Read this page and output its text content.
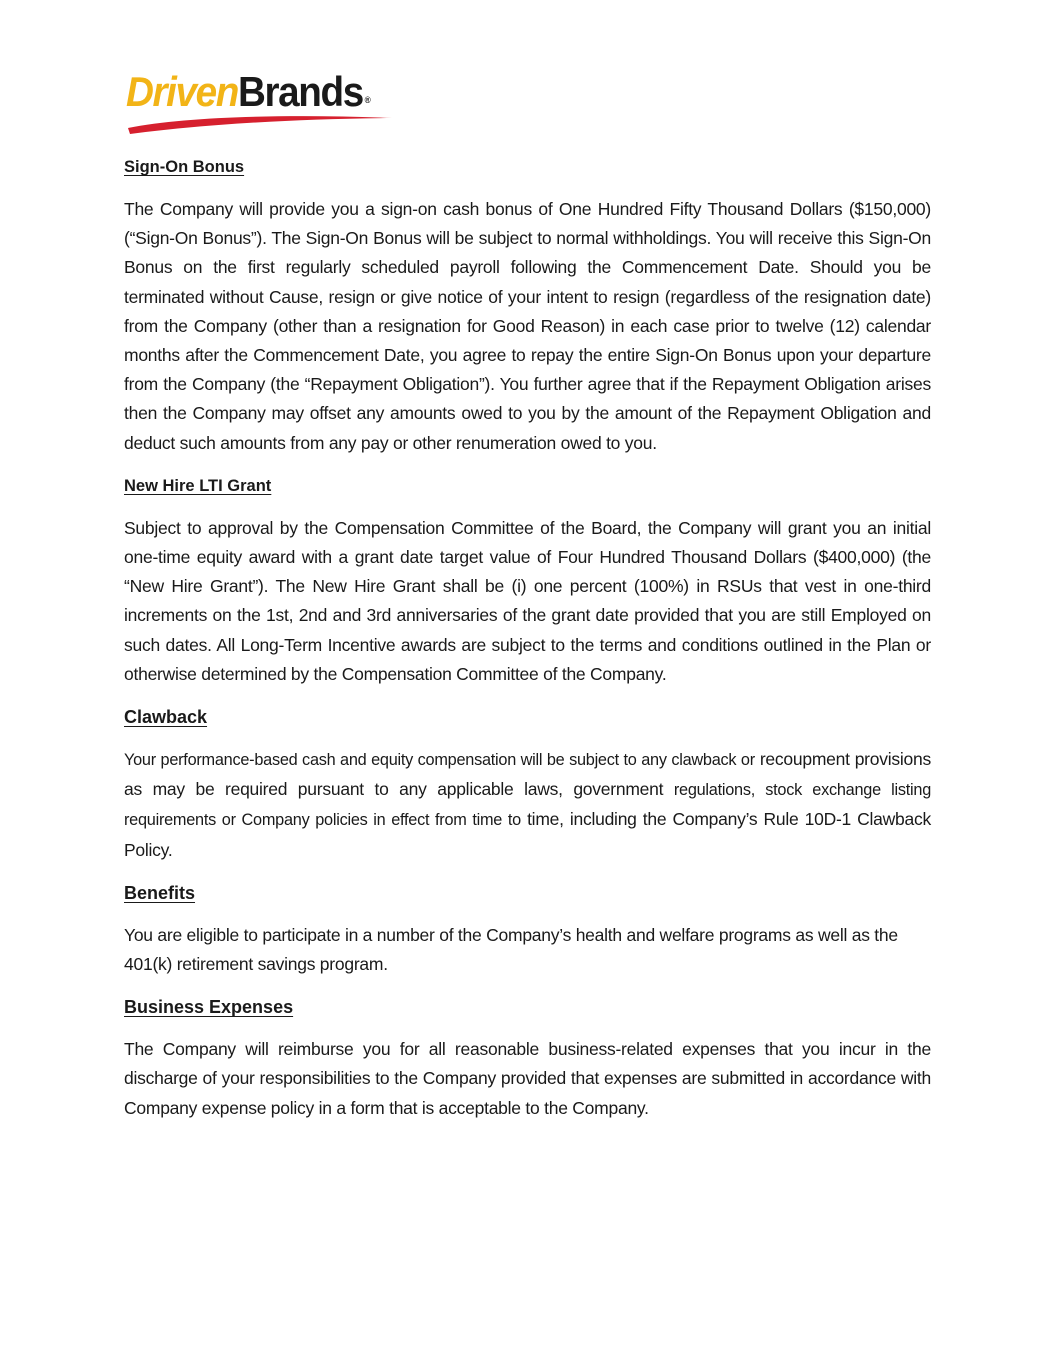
DrivenBrands ®
Sign-On Bonus

The Company will provide you a sign-on cash bonus of One Hundred Fifty Thousand Dollars ($150,000) (“Sign-On Bonus”). The Sign-On Bonus will be subject to normal withholdings. You will receive this Sign-On Bonus on the first regularly scheduled payroll following the Commencement Date. Should you be terminated without Cause, resign or give notice of your intent to resign (regardless of the resignation date) from the Company (other than a resignation for Good Reason) in each case prior to twelve (12) calendar months after the Commencement Date, you agree to repay the entire Sign-On Bonus upon your departure from the Company (the “Repayment Obligation”). You further agree that if the Repayment Obligation arises then the Company may offset any amounts owed to you by the amount of the Repayment Obligation and deduct such amounts from any pay or other renumeration owed to you.

New Hire LTI Grant

Subject to approval by the Compensation Committee of the Board, the Company will grant you an initial one-time equity award with a grant date target value of Four Hundred Thousand Dollars ($400,000) (the “New Hire Grant”). The New Hire Grant shall be (i) one percent (100%) in RSUs that vest in one-third increments on the 1st, 2nd and 3rd anniversaries of the grant date provided that you are still Employed on such dates. All Long-Term Incentive awards are subject to the terms and conditions outlined in the Plan or otherwise determined by the Compensation Committee of the Company.

Clawback

Your performance-based cash and equity compensation will be subject to any clawback or recoupment provisions as may be required pursuant to any applicable laws, government regulations, stock exchange listing requirements or Company policies in effect from time to time, including the Company’s Rule 10D-1 Clawback Policy.

Benefits

You are eligible to participate in a number of the Company’s health and welfare programs as well as the 401(k) retirement savings program.

Business Expenses

The Company will reimburse you for all reasonable business-related expenses that you incur in the discharge of your responsibilities to the Company provided that expenses are submitted in accordance with Company expense policy in a form that is acceptable to the Company.
